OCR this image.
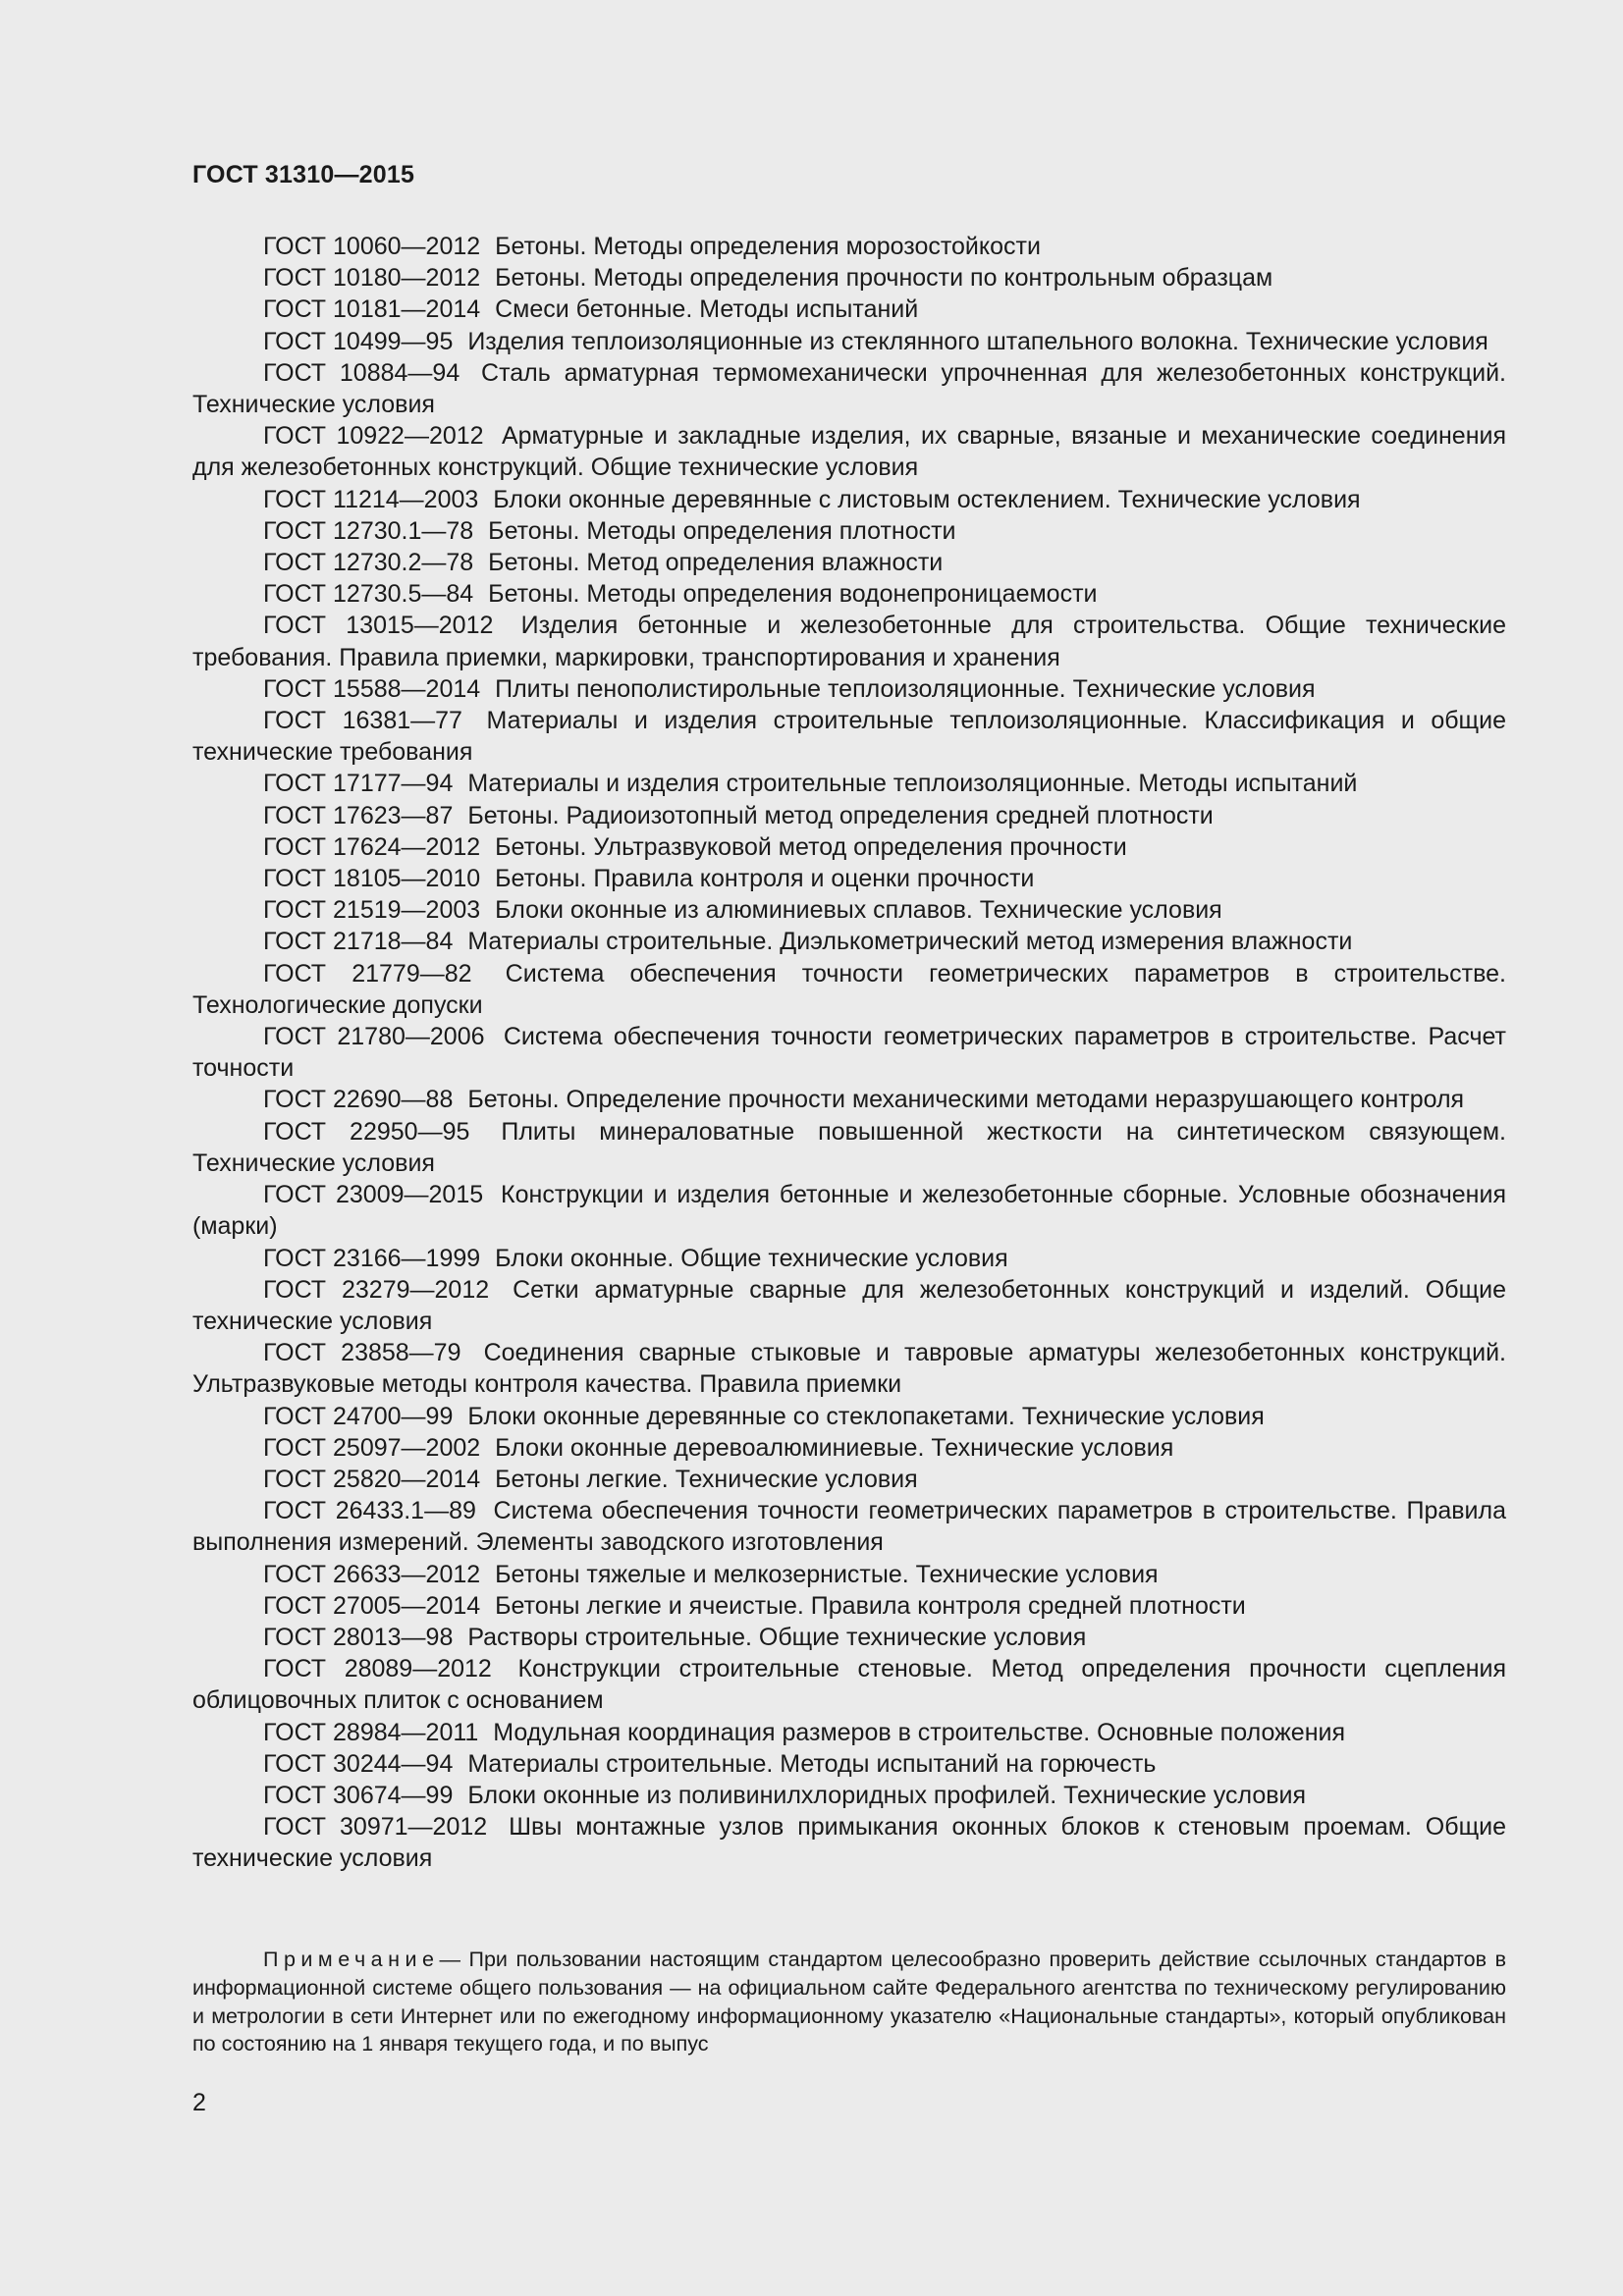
ГОСТ 31310—2015

ГОСТ 10060—2012 Бетоны. Методы определения морозостойкости

ГОСТ 10180—2012 Бетоны. Методы определения прочности по контрольным образцам

ГОСТ 10181—2014 Смеси бетонные. Методы испытаний

ГОСТ 10499—95 Изделия теплоизоляционные из стеклянного штапельного волокна. Технические условия

ГОСТ 10884—94 Сталь арматурная термомеханически упрочненная для железобетонных конструкций. Технические условия

ГОСТ 10922—2012 Арматурные и закладные изделия, их сварные, вязаные и механические соединения для железобетонных конструкций. Общие технические условия

ГОСТ 11214—2003 Блоки оконные деревянные с листовым остеклением. Технические условия

ГОСТ 12730.1—78 Бетоны. Методы определения плотности

ГОСТ 12730.2—78 Бетоны. Метод определения влажности

ГОСТ 12730.5—84 Бетоны. Методы определения водонепроницаемости

ГОСТ 13015—2012 Изделия бетонные и железобетонные для строительства. Общие технические требования. Правила приемки, маркировки, транспортирования и хранения

ГОСТ 15588—2014 Плиты пенополистирольные теплоизоляционные. Технические условия

ГОСТ 16381—77 Материалы и изделия строительные теплоизоляционные. Классификация и общие технические требования

ГОСТ 17177—94 Материалы и изделия строительные теплоизоляционные. Методы испытаний

ГОСТ 17623—87 Бетоны. Радиоизотопный метод определения средней плотности

ГОСТ 17624—2012 Бетоны. Ультразвуковой метод определения прочности

ГОСТ 18105—2010 Бетоны. Правила контроля и оценки прочности

ГОСТ 21519—2003 Блоки оконные из алюминиевых сплавов. Технические условия

ГОСТ 21718—84 Материалы строительные. Диэлькометрический метод измерения влажности

ГОСТ 21779—82 Система обеспечения точности геометрических параметров в строительстве. Технологические допуски

ГОСТ 21780—2006 Система обеспечения точности геометрических параметров в строительстве. Расчет точности

ГОСТ 22690—88 Бетоны. Определение прочности механическими методами неразрушающего контроля

ГОСТ 22950—95 Плиты минераловатные повышенной жесткости на синтетическом связующем. Технические условия

ГОСТ 23009—2015 Конструкции и изделия бетонные и железобетонные сборные. Условные обозначения (марки)

ГОСТ 23166—1999 Блоки оконные. Общие технические условия

ГОСТ 23279—2012 Сетки арматурные сварные для железобетонных конструкций и изделий. Общие технические условия

ГОСТ 23858—79 Соединения сварные стыковые и тавровые арматуры железобетонных конструкций. Ультразвуковые методы контроля качества. Правила приемки

ГОСТ 24700—99 Блоки оконные деревянные со стеклопакетами. Технические условия

ГОСТ 25097—2002 Блоки оконные деревоалюминиевые. Технические условия

ГОСТ 25820—2014 Бетоны легкие. Технические условия

ГОСТ 26433.1—89 Система обеспечения точности геометрических параметров в строительстве. Правила выполнения измерений. Элементы заводского изготовления

ГОСТ 26633—2012 Бетоны тяжелые и мелкозернистые. Технические условия

ГОСТ 27005—2014 Бетоны легкие и ячеистые. Правила контроля средней плотности

ГОСТ 28013—98 Растворы строительные. Общие технические условия

ГОСТ 28089—2012 Конструкции строительные стеновые. Метод определения прочности сцепления облицовочных плиток с основанием

ГОСТ 28984—2011 Модульная координация размеров в строительстве. Основные положения

ГОСТ 30244—94 Материалы строительные. Методы испытаний на горючесть

ГОСТ 30674—99 Блоки оконные из поливинилхлоридных профилей. Технические условия

ГОСТ 30971—2012 Швы монтажные узлов примыкания оконных блоков к стеновым проемам. Общие технические условия

Примечание— При пользовании настоящим стандартом целесообразно проверить действие ссылочных стандартов в информационной системе общего пользования — на официальном сайте Федерального агентства по техническому регулированию и метрологии в сети Интернет или по ежегодному информационному указателю «Национальные стандарты», который опубликован по состоянию на 1 января текущего года, и по выпус

2
